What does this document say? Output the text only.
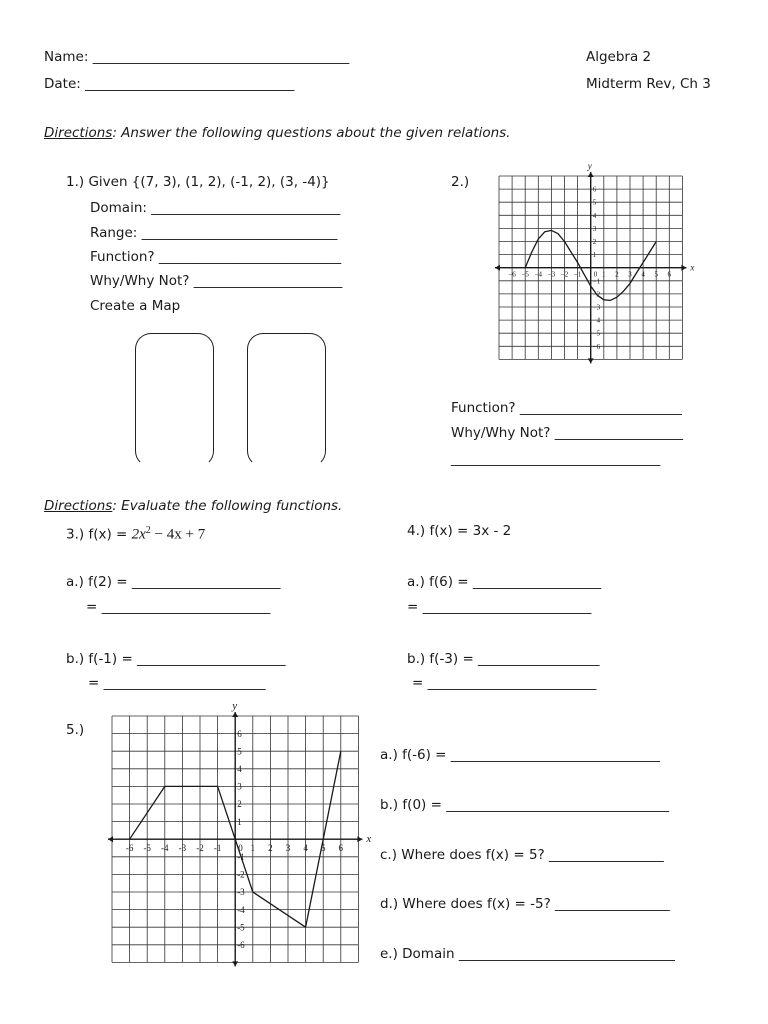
Name: ______________________________________
Date: _______________________________
Algebra 2
Midterm Rev, Ch 3
Directions: Answer the following questions about the given relations.
1.) Given {(7, 3), (1, 2), (-1, 2), (3, -4)}
Domain: ____________________________
Range: _____________________________
Function? ___________________________
Why/Why Not? ______________________
Create a Map
2.)
x
y
−6 −5 −4 −3 −2 −1 0 1 2 3 4 5 6
6
5
4
3
2
1
−1
−2
−3
−4
−5
−6
Function? ________________________
Why/Why Not? ___________________
_______________________________
Directions: Evaluate the following functions.
3.) $f(x) = 2x^2 - 4x + 7$
a.) f(2) = ______________________
= _________________________
b.) f(-1) = ______________________
= ________________________
4.) f(x) = 3x - 2
a.) f(6) = ___________________
= _________________________
b.) f(-3) = __________________
= _________________________
5.)
x
y
-6 -5 -4 -3 -2 -1 0 1 2 3 4 5 6
6
5
4
3
2
1
-1
-2
-3
-4
-5
-6
a.) f(-6) = _______________________________
b.) f(0) = _________________________________
c.) Where does f(x) = 5? _________________
d.) Where does f(x) = -5? _________________
e.) Domain ________________________________
